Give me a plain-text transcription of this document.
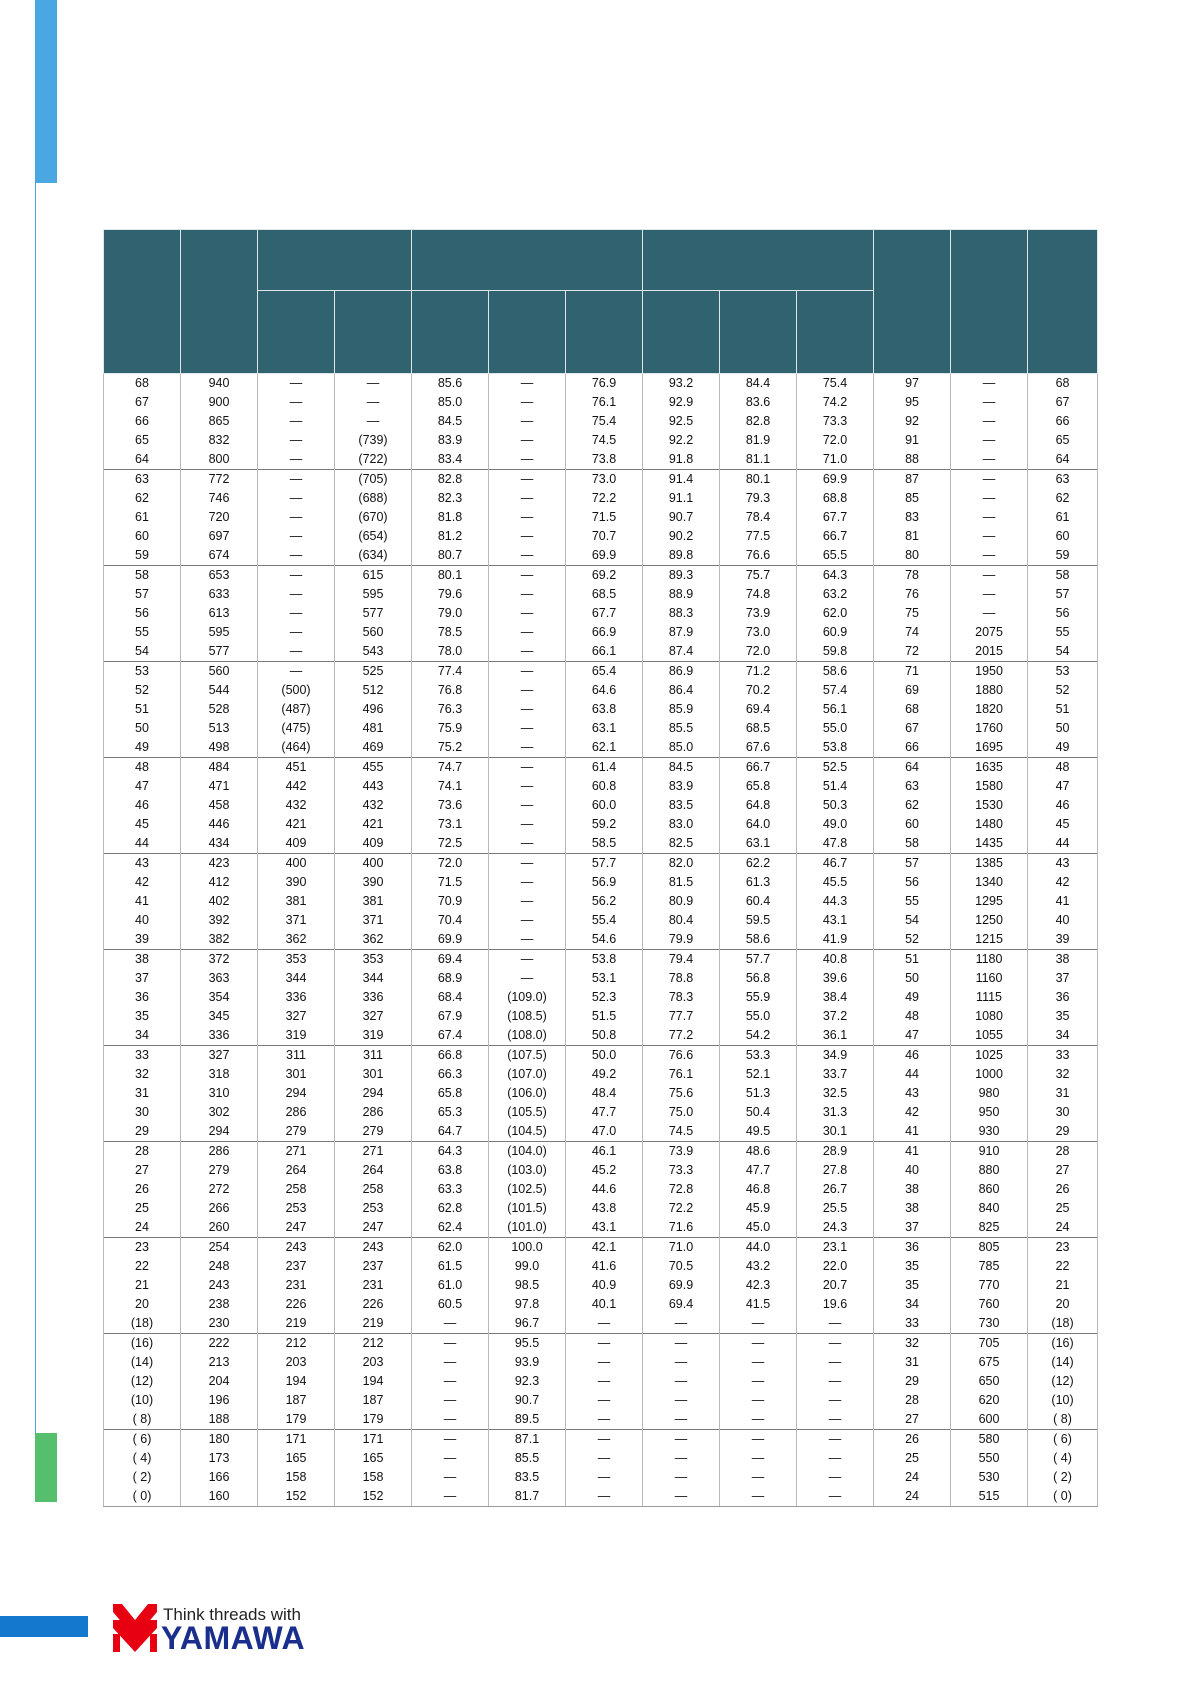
68	940	—	—	85.6	—	76.9	93.2	84.4	75.4	97	—	68
67	900	—	—	85.0	—	76.1	92.9	83.6	74.2	95	—	67
66	865	—	—	84.5	—	75.4	92.5	82.8	73.3	92	—	66
65	832	—	(739)	83.9	—	74.5	92.2	81.9	72.0	91	—	65
64	800	—	(722)	83.4	—	73.8	91.8	81.1	71.0	88	—	64
63	772	—	(705)	82.8	—	73.0	91.4	80.1	69.9	87	—	63
62	746	—	(688)	82.3	—	72.2	91.1	79.3	68.8	85	—	62
61	720	—	(670)	81.8	—	71.5	90.7	78.4	67.7	83	—	61
60	697	—	(654)	81.2	—	70.7	90.2	77.5	66.7	81	—	60
59	674	—	(634)	80.7	—	69.9	89.8	76.6	65.5	80	—	59
58	653	—	615	80.1	—	69.2	89.3	75.7	64.3	78	—	58
57	633	—	595	79.6	—	68.5	88.9	74.8	63.2	76	—	57
56	613	—	577	79.0	—	67.7	88.3	73.9	62.0	75	—	56
55	595	—	560	78.5	—	66.9	87.9	73.0	60.9	74	2075	55
54	577	—	543	78.0	—	66.1	87.4	72.0	59.8	72	2015	54
53	560	—	525	77.4	—	65.4	86.9	71.2	58.6	71	1950	53
52	544	(500)	512	76.8	—	64.6	86.4	70.2	57.4	69	1880	52
51	528	(487)	496	76.3	—	63.8	85.9	69.4	56.1	68	1820	51
50	513	(475)	481	75.9	—	63.1	85.5	68.5	55.0	67	1760	50
49	498	(464)	469	75.2	—	62.1	85.0	67.6	53.8	66	1695	49
48	484	451	455	74.7	—	61.4	84.5	66.7	52.5	64	1635	48
47	471	442	443	74.1	—	60.8	83.9	65.8	51.4	63	1580	47
46	458	432	432	73.6	—	60.0	83.5	64.8	50.3	62	1530	46
45	446	421	421	73.1	—	59.2	83.0	64.0	49.0	60	1480	45
44	434	409	409	72.5	—	58.5	82.5	63.1	47.8	58	1435	44
43	423	400	400	72.0	—	57.7	82.0	62.2	46.7	57	1385	43
42	412	390	390	71.5	—	56.9	81.5	61.3	45.5	56	1340	42
41	402	381	381	70.9	—	56.2	80.9	60.4	44.3	55	1295	41
40	392	371	371	70.4	—	55.4	80.4	59.5	43.1	54	1250	40
39	382	362	362	69.9	—	54.6	79.9	58.6	41.9	52	1215	39
38	372	353	353	69.4	—	53.8	79.4	57.7	40.8	51	1180	38
37	363	344	344	68.9	—	53.1	78.8	56.8	39.6	50	1160	37
36	354	336	336	68.4	(109.0)	52.3	78.3	55.9	38.4	49	1115	36
35	345	327	327	67.9	(108.5)	51.5	77.7	55.0	37.2	48	1080	35
34	336	319	319	67.4	(108.0)	50.8	77.2	54.2	36.1	47	1055	34
33	327	311	311	66.8	(107.5)	50.0	76.6	53.3	34.9	46	1025	33
32	318	301	301	66.3	(107.0)	49.2	76.1	52.1	33.7	44	1000	32
31	310	294	294	65.8	(106.0)	48.4	75.6	51.3	32.5	43	980	31
30	302	286	286	65.3	(105.5)	47.7	75.0	50.4	31.3	42	950	30
29	294	279	279	64.7	(104.5)	47.0	74.5	49.5	30.1	41	930	29
28	286	271	271	64.3	(104.0)	46.1	73.9	48.6	28.9	41	910	28
27	279	264	264	63.8	(103.0)	45.2	73.3	47.7	27.8	40	880	27
26	272	258	258	63.3	(102.5)	44.6	72.8	46.8	26.7	38	860	26
25	266	253	253	62.8	(101.5)	43.8	72.2	45.9	25.5	38	840	25
24	260	247	247	62.4	(101.0)	43.1	71.6	45.0	24.3	37	825	24
23	254	243	243	62.0	100.0	42.1	71.0	44.0	23.1	36	805	23
22	248	237	237	61.5	99.0	41.6	70.5	43.2	22.0	35	785	22
21	243	231	231	61.0	98.5	40.9	69.9	42.3	20.7	35	770	21
20	238	226	226	60.5	97.8	40.1	69.4	41.5	19.6	34	760	20
(18)	230	219	219	—	96.7	—	—	—	—	33	730	(18)
(16)	222	212	212	—	95.5	—	—	—	—	32	705	(16)
(14)	213	203	203	—	93.9	—	—	—	—	31	675	(14)
(12)	204	194	194	—	92.3	—	—	—	—	29	650	(12)
(10)	196	187	187	—	90.7	—	—	—	—	28	620	(10)
( 8)	188	179	179	—	89.5	—	—	—	—	27	600	( 8)
( 6)	180	171	171	—	87.1	—	—	—	—	26	580	( 6)
( 4)	173	165	165	—	85.5	—	—	—	—	25	550	( 4)
( 2)	166	158	158	—	83.5	—	—	—	—	24	530	( 2)
( 0)	160	152	152	—	81.7	—	—	—	—	24	515	( 0)
Think threads with
YAMAWA
